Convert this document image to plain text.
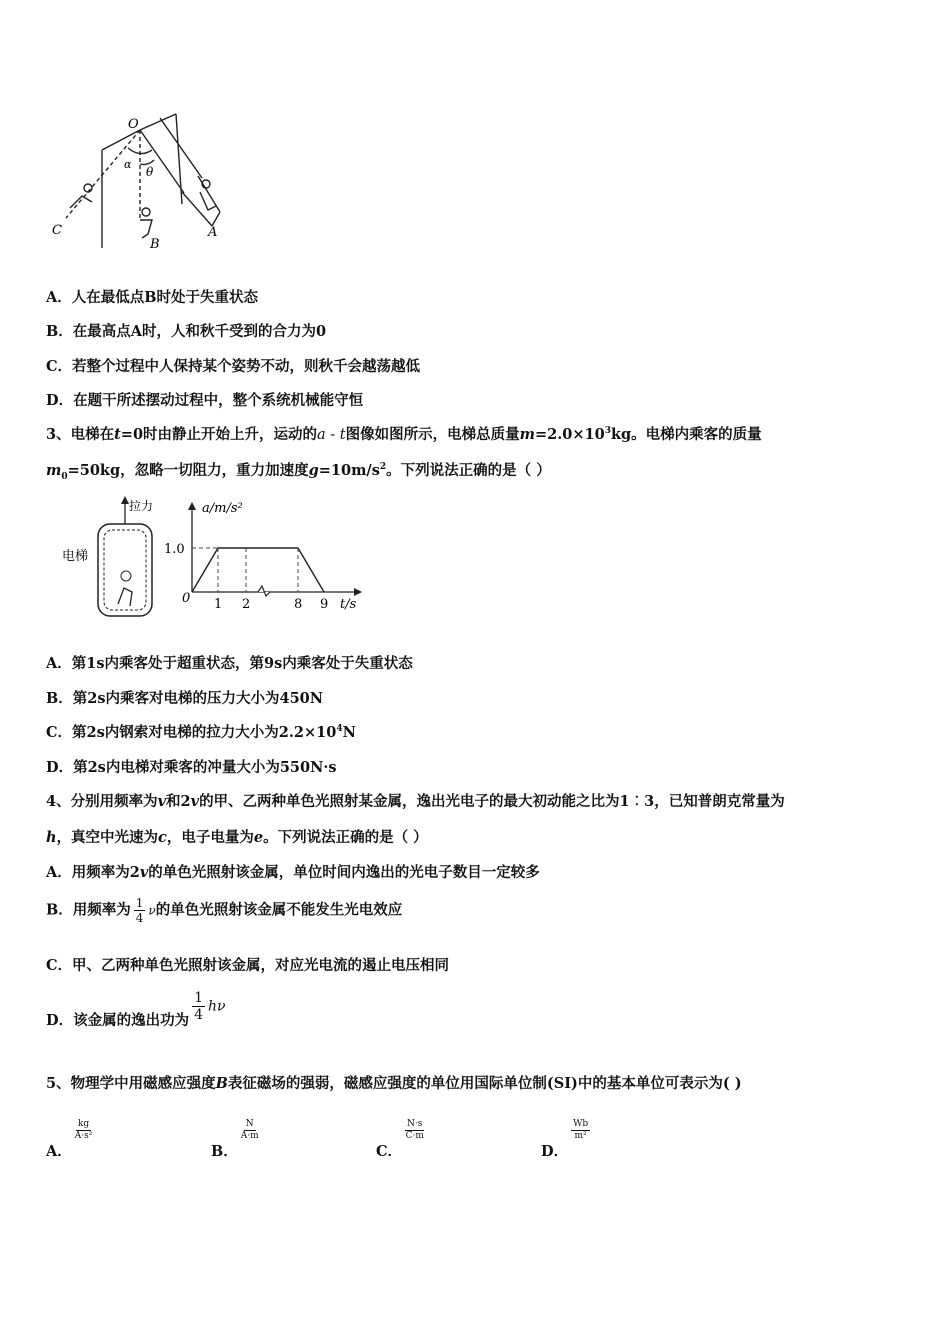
O
α
θ
A
B
C
A．人在最低点B时处于失重状态
B．在最高点A时，人和秋千受到的合力为0
C．若整个过程中人保持某个姿势不动，则秋千会越荡越低
D．在题干所述摆动过程中，整个系统机械能守恒
3、电梯在t=0时由静止开始上升，运动的a - t图像如图所示，电梯总质量$m=2.0\times 10^3kg$。电梯内乘客的质量
$m_0=50kg$，忽略一切阻力，重力加速度$g=10m/s^2$。下列说法正确的是（ ）
拉力
电梯	1.0
0 1 2	8 9
a/m/s²
t/s
A．第1s内乘客处于超重状态，第9s内乘客处于失重状态
B．第2s内乘客对电梯的压力大小为450N
C．第2s内钢索对电梯的拉力大小为$2.2\times 10^4N$
D．第2s内电梯对乘客的冲量大小为550N·s
4、分别用频率为v和2v的甲、乙两种单色光照射某金属，逸出光电子的最大初动能之比为1︰3，已知普朗克常量为
h，真空中光速为c，电子电量为e。下列说法正确的是（ ）
A．用频率为2v的单色光照射该金属，单位时间内逸出的光电子数目一定较多
B．用频率为 $\frac{1}{4}$ ν的单色光照射该金属不能发生光电效应
C．甲、乙两种单色光照射该金属，对应光电流的遏止电压相同
D．该金属的逸出功为 $\frac{1}{4}$ hν
5、物理学中用磁感应强度B表征磁场的强弱，磁感应强度的单位用国际单位制(SI)中的基本单位可表示为( )
A．
$\frac{kg}{\text{A·s²}}$
B．
$\frac{N}{A\cdot m}$
C．
$\frac{N\cdot s}{C\cdot m}$
D．
$\frac{Wb}{\text{m²}}$
